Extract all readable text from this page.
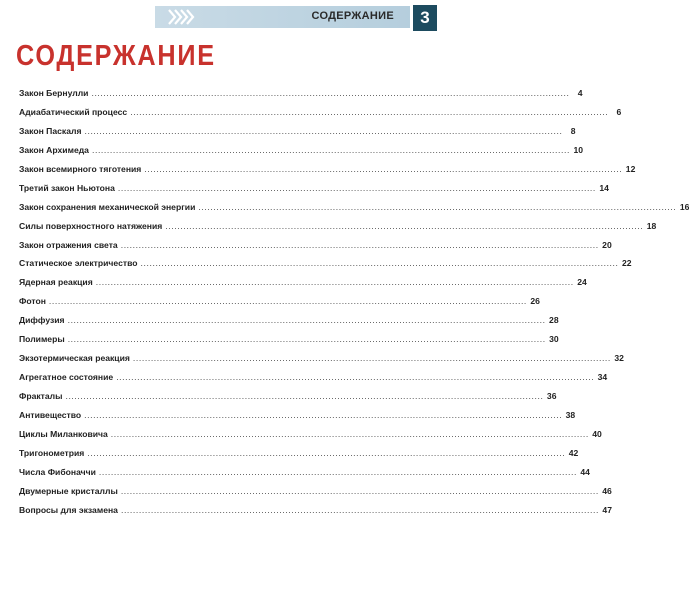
СОДЕРЖАНИЕ	3
СОДЕРЖАНИЕ
Закон Бернулли ................................................................................................................................................................ 4
Адиабатический процесс ................................................................................................................................................................ 6
Закон Паскаля ................................................................................................................................................................ 8
Закон Архимеда ................................................................................................................................................................ 10
Закон всемирного тяготения ................................................................................................................................................................ 12
Третий закон Ньютона ................................................................................................................................................................ 14
Закон сохранения механической энергии ................................................................................................................................................................ 16
Силы поверхностного натяжения ................................................................................................................................................................ 18
Закон отражения света ................................................................................................................................................................ 20
Статическое электричество ................................................................................................................................................................ 22
Ядерная реакция ................................................................................................................................................................ 24
Фотон ................................................................................................................................................................ 26
Диффузия ................................................................................................................................................................ 28
Полимеры ................................................................................................................................................................ 30
Экзотермическая реакция ................................................................................................................................................................ 32
Агрегатное состояние ................................................................................................................................................................ 34
Фракталы ................................................................................................................................................................ 36
Антивещество ................................................................................................................................................................ 38
Циклы Миланковича ................................................................................................................................................................ 40
Тригонометрия ................................................................................................................................................................ 42
Числа Фибоначчи ................................................................................................................................................................ 44
Двумерные кристаллы ................................................................................................................................................................ 46
Вопросы для экзамена ................................................................................................................................................................ 47
